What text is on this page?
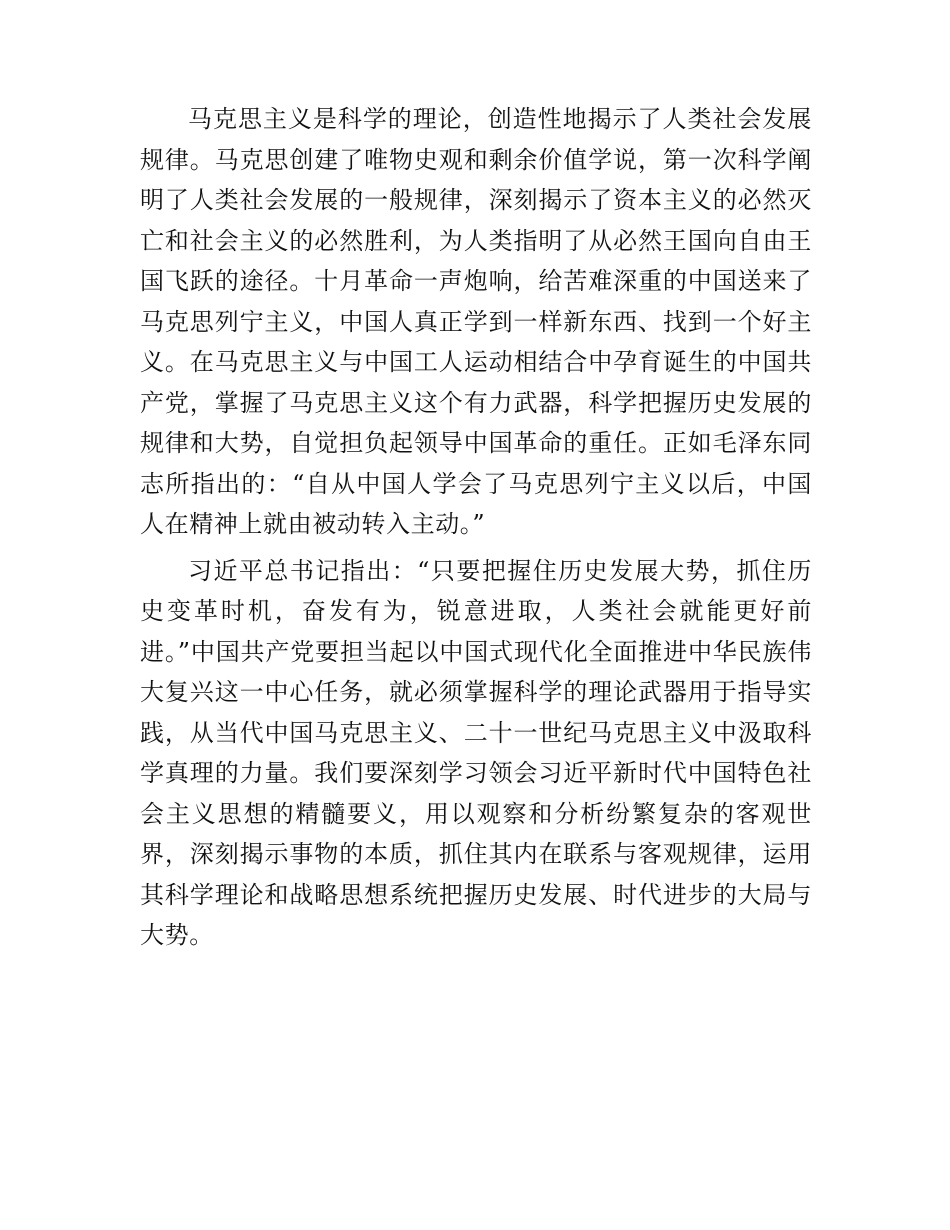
马克思主义是科学的理论，创造性地揭示了人类社会发展规律。马克思创建了唯物史观和剩余价值学说，第一次科学阐明了人类社会发展的一般规律，深刻揭示了资本主义的必然灭亡和社会主义的必然胜利，为人类指明了从必然王国向自由王国飞跃的途径。十月革命一声炮响，给苦难深重的中国送来了马克思列宁主义，中国人真正学到一样新东西、找到一个好主义。在马克思主义与中国工人运动相结合中孕育诞生的中国共产党，掌握了马克思主义这个有力武器，科学把握历史发展的规律和大势，自觉担负起领导中国革命的重任。正如毛泽东同志所指出的：“自从中国人学会了马克思列宁主义以后，中国人在精神上就由被动转入主动。”

习近平总书记指出：“只要把握住历史发展大势，抓住历史变革时机，奋发有为，锐意进取，人类社会就能更好前进。”中国共产党要担当起以中国式现代化全面推进中华民族伟大复兴这一中心任务，就必须掌握科学的理论武器用于指导实践，从当代中国马克思主义、二十一世纪马克思主义中汲取科学真理的力量。我们要深刻学习领会习近平新时代中国特色社会主义思想的精髓要义，用以观察和分析纷繁复杂的客观世界，深刻揭示事物的本质，抓住其内在联系与客观规律，运用其科学理论和战略思想系统把握历史发展、时代进步的大局与大势。
